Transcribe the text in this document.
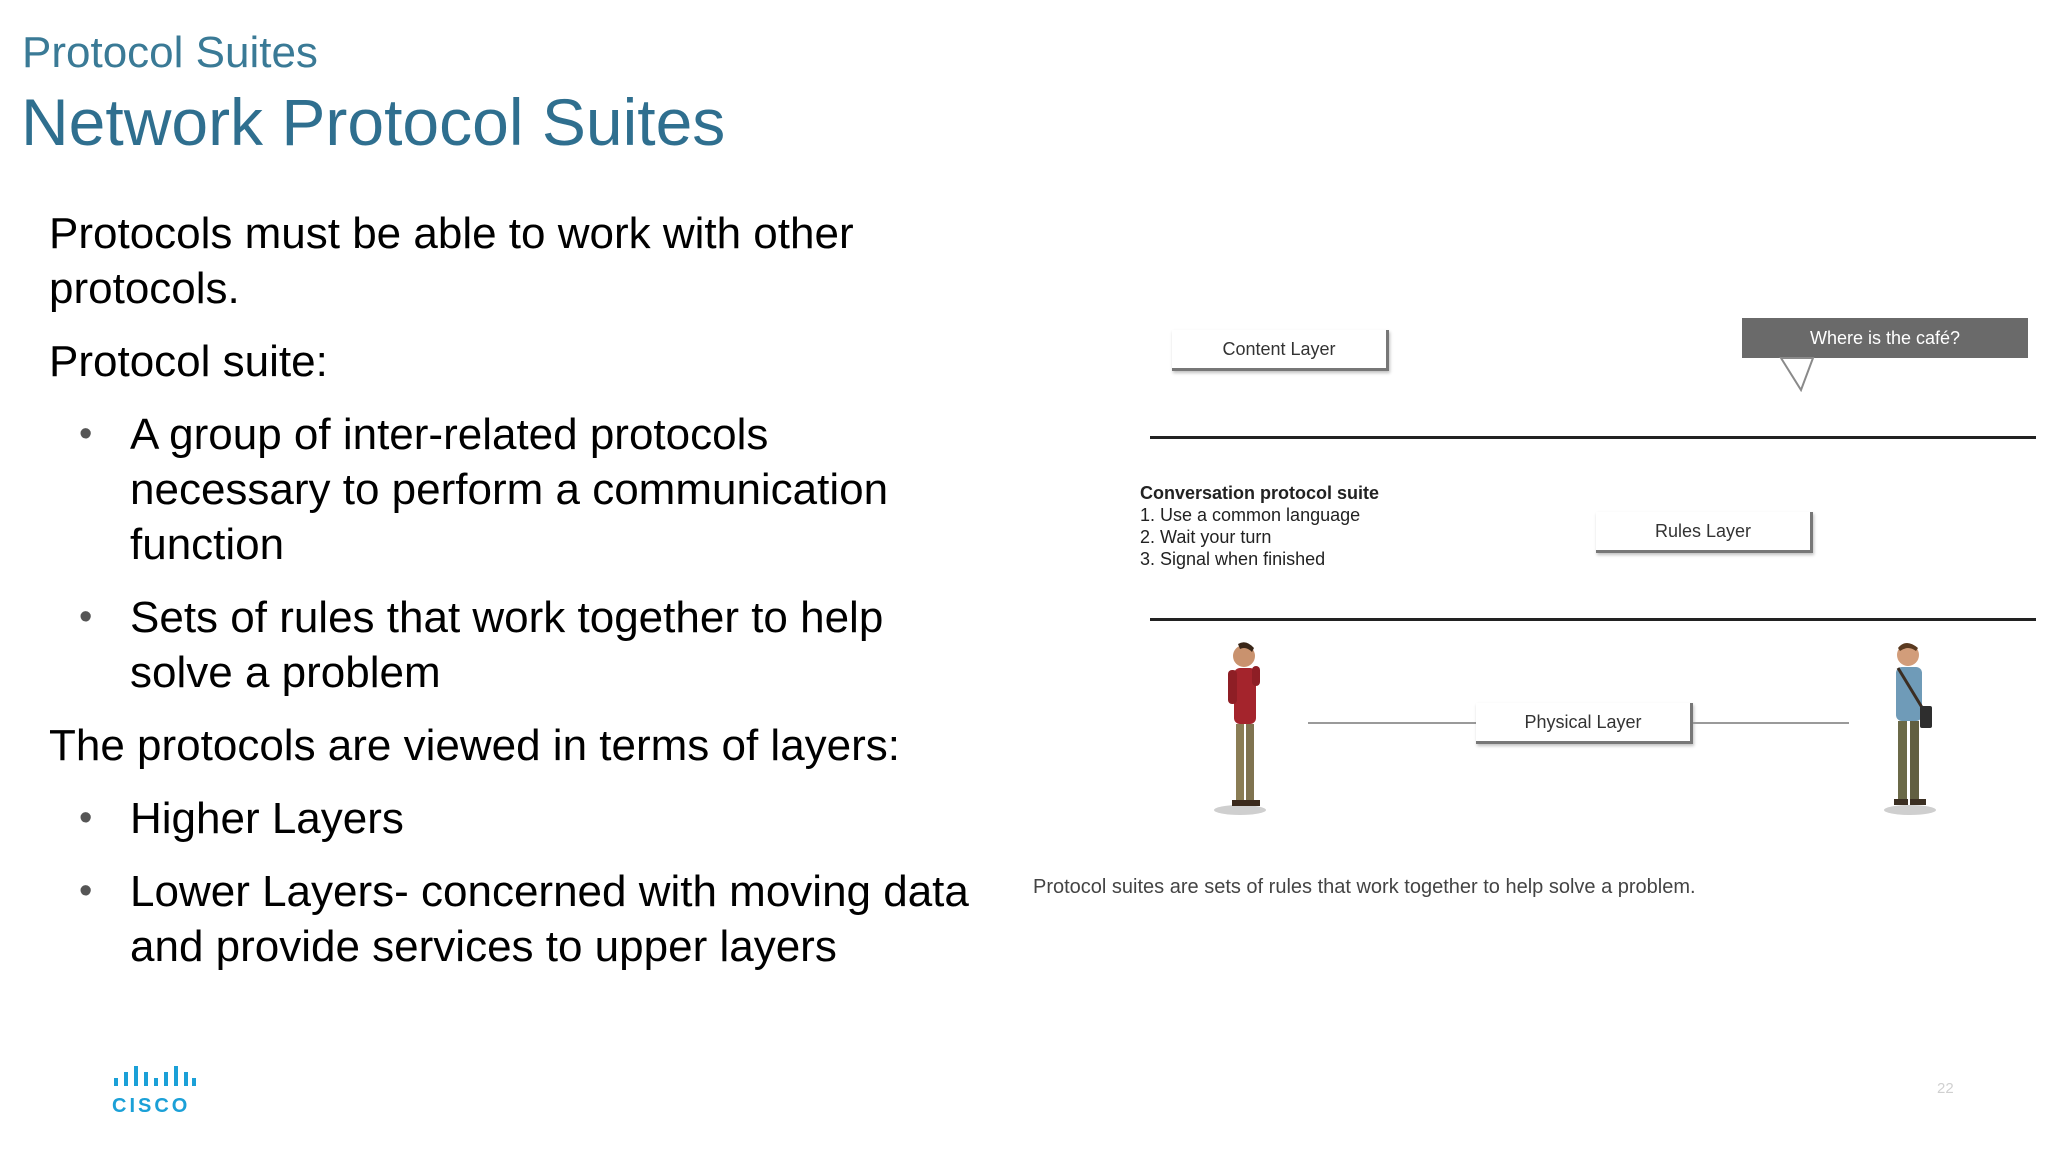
Protocol Suites
Network Protocol Suites

Protocols must be able to work with other protocols.

Protocol suite:

• A group of inter-related protocols necessary to perform a communication function
• Sets of rules that work together to help solve a problem

The protocols are viewed in terms of layers:

• Higher Layers
• Lower Layers- concerned with moving data and provide services to upper layers
Content Layer
Where is the café?
Conversation protocol suite
1. Use a common language
2. Wait your turn
3. Signal when finished
Rules Layer
Physical Layer
Protocol suites are sets of rules that work together to help solve a problem.
CISCO
22
